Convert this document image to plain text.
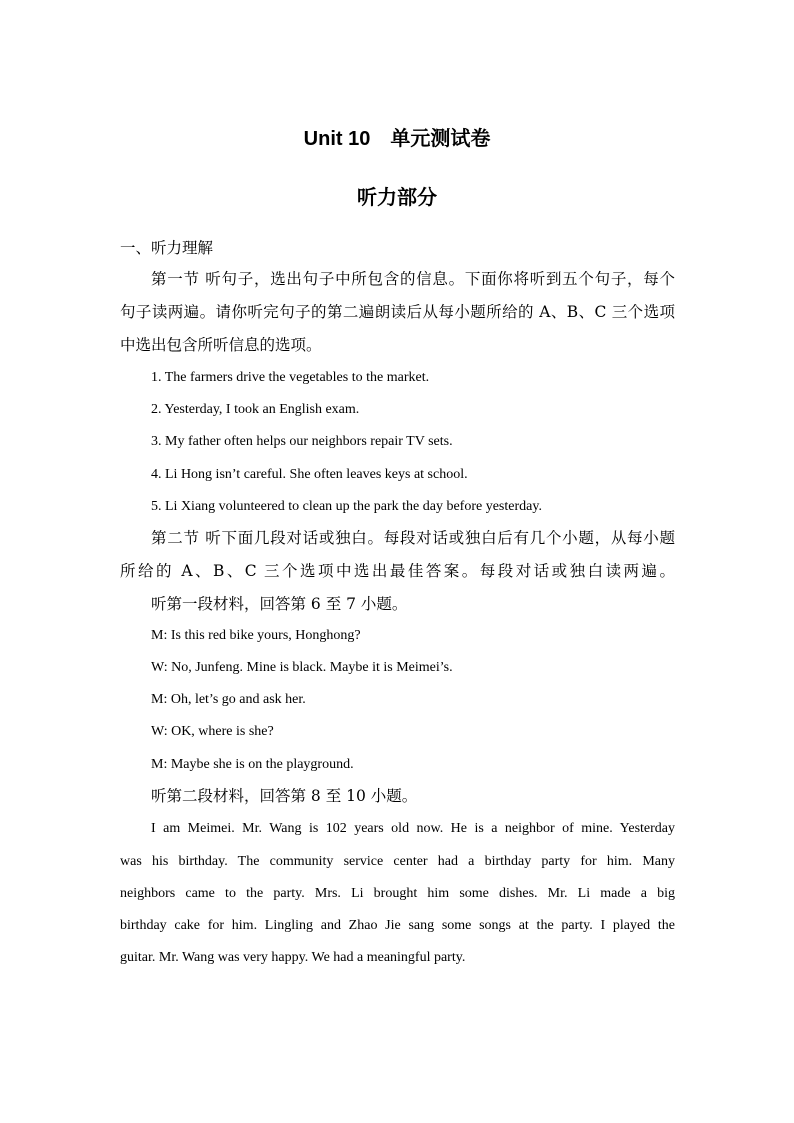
Unit 10　单元测试卷
听力部分
一、听力理解
第一节 听句子，选出句子中所包含的信息。下面你将听到五个句子，每个
句子读两遍。请你听完句子的第二遍朗读后从每小题所给的 A、B、C 三个选项
中选出包含所听信息的选项。
1. The farmers drive the vegetables to the market.
2. Yesterday, I took an English exam.
3. My father often helps our neighbors repair TV sets.
4. Li Hong isn’t careful. She often leaves keys at school.
5. Li Xiang volunteered to clean up the park the day before yesterday.
第二节 听下面几段对话或独白。每段对话或独白后有几个小题，从每小题
所给的 A、B、C 三个选项中选出最佳答案。每段对话或独白读两遍。
听第一段材料，回答第 6 至 7 小题。
M: Is this red bike yours, Honghong?
W: No, Junfeng. Mine is black. Maybe it is Meimei’s.
M: Oh, let’s go and ask her.
W: OK, where is she?
M: Maybe she is on the playground.
听第二段材料，回答第 8 至 10 小题。
I am Meimei. Mr. Wang is 102 years old now. He is a neighbor of mine. Yesterday
was his birthday. The community service center had a birthday party for him. Many
neighbors came to the party. Mrs. Li brought him some dishes. Mr. Li made a big
birthday cake for him. Lingling and Zhao Jie sang some songs at the party. I played the
guitar. Mr. Wang was very happy. We had a meaningful party.
